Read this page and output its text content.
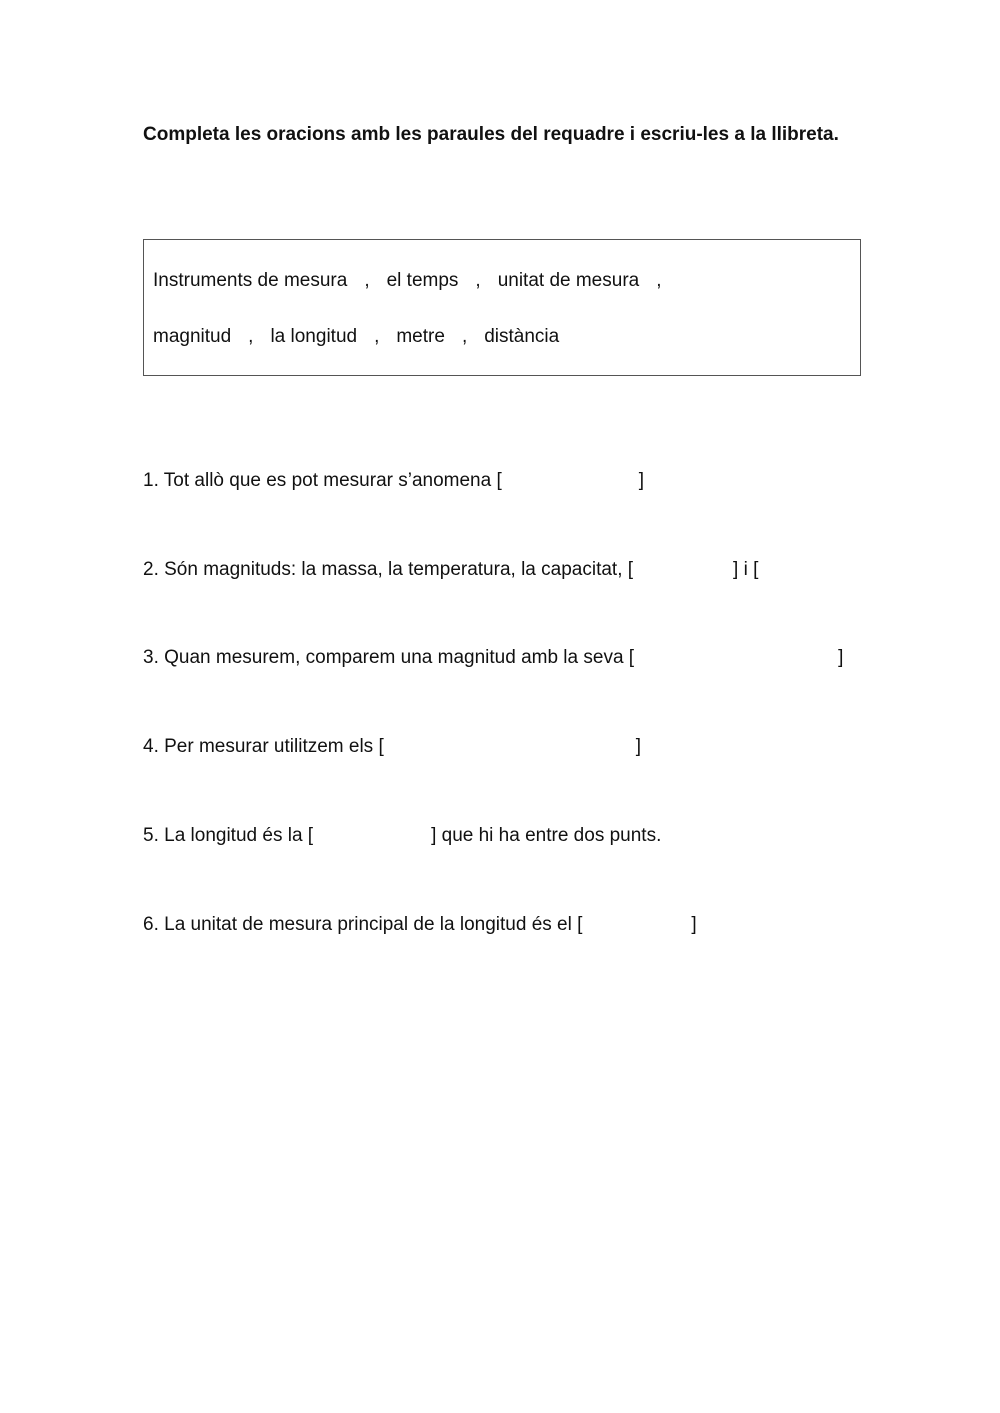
Completa les oracions amb les paraules del requadre i escriu-les a la llibreta.

Instruments de mesura , el temps , unitat de mesura ,
magnitud , la longitud , metre , distància

1. Tot allò que es pot mesurar s’anomena [	]

2. Són magnituds: la massa, la temperatura, la capacitat, [	] i [

3. Quan mesurem, comparem una magnitud amb la seva [	]

4. Per mesurar utilitzem els [	]

5. La longitud és la [	] que hi ha entre dos punts.

6. La unitat de mesura principal de la longitud és el [	]
